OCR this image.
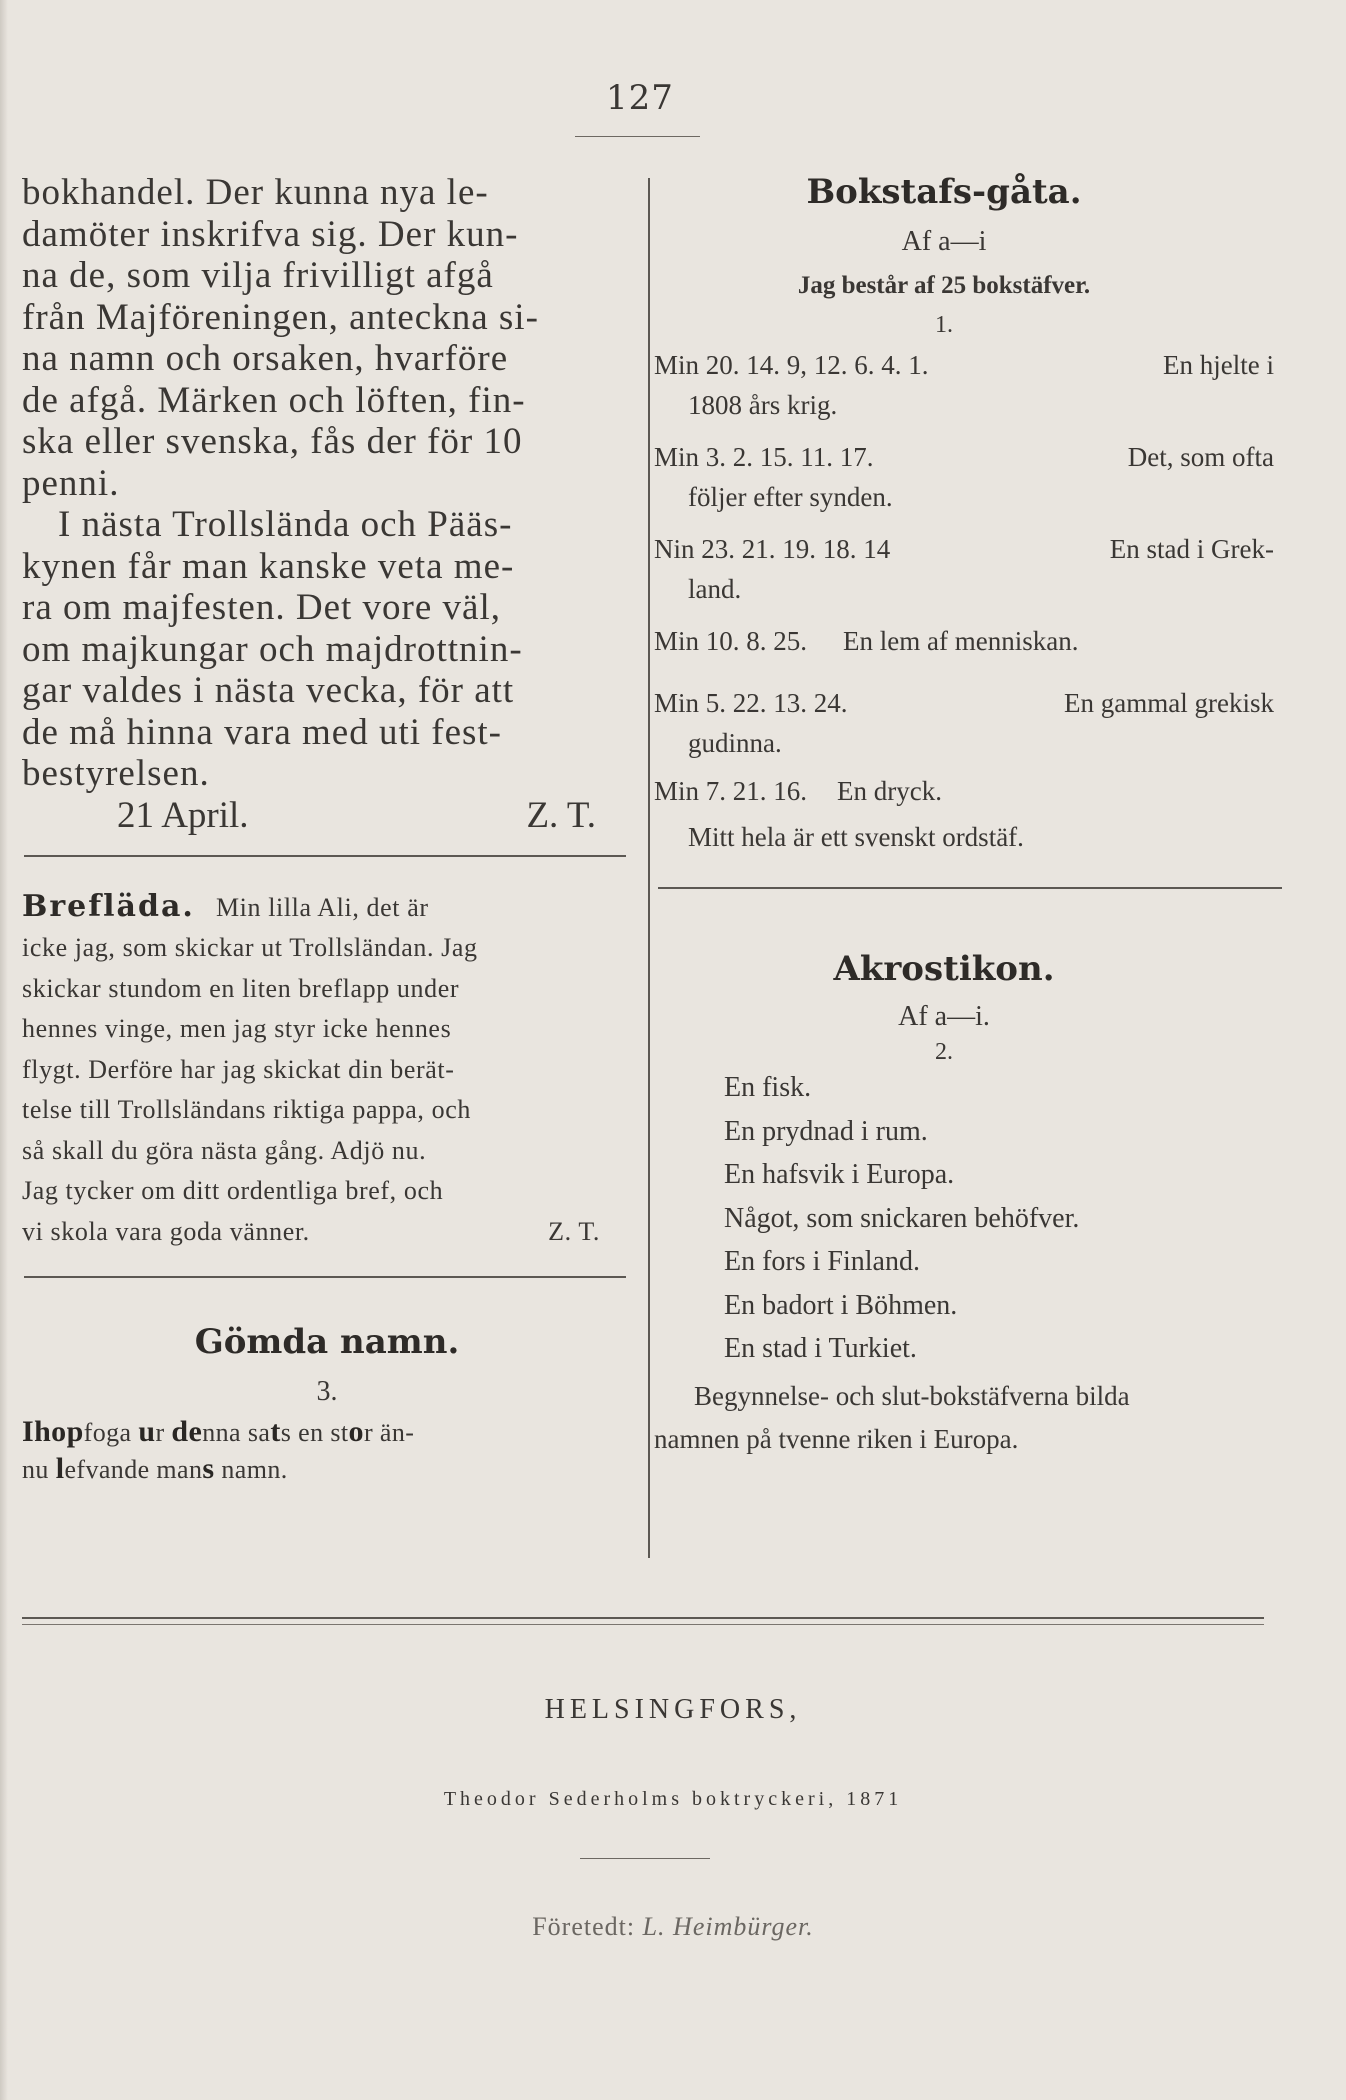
127

bokhandel. Der kunna nya le-

damöter inskrifva sig. Der kun-

na de, som vilja frivilligt afgå

från Majföreningen, anteckna si-

na namn och orsaken, hvarföre

de afgå. Märken och löften, fin-

ska eller svenska, fås der för 10

penni.

I nästa Trollslända och Pääs-

kynen får man kanske veta me-

ra om majfesten. Det vore väl,

om majkungar och majdrottnin-

gar valdes i nästa vecka, för att

de må hinna vara med uti fest-

bestyrelsen.

21 April.	Z. T.

Brefläda. Min lilla Ali, det är

icke jag, som skickar ut Trollsländan. Jag

skickar stundom en liten breflapp under

hennes vinge, men jag styr icke hennes

flygt. Derföre har jag skickat din berät-

telse till Trollsländans riktiga pappa, och

så skall du göra nästa gång. Adjö nu.

Jag tycker om ditt ordentliga bref, och

vi skola vara goda vänner.	Z. T.

Gömda namn.
3.

Ihopfoga ur denna sats en stor än-

nu lefvande mans namn.

Bokstafs-gåta.
Af a—i
Jag består af 25 bokstäfver.
1.
Min 20. 14. 9, 12. 6. 4. 1.	En hjelte i
1808 års krig.
Min 3. 2. 15. 11. 17.	Det, som ofta
följer efter synden.
Nin 23. 21. 19. 18. 14	En stad i Grek-
land.
Min 10. 8. 25.	En lem af menniskan.
Min 5. 22. 13. 24.	En gammal grekisk
gudinna.
Min 7. 21. 16.	En dryck.
Mitt hela är ett svenskt ordstäf.
Akrostikon.
Af a—i.
2.
En fisk.
En prydnad i rum.
En hafsvik i Europa.
Något, som snickaren behöfver.
En fors i Finland.
En badort i Böhmen.
En stad i Turkiet.
Begynnelse- och slut-bokstäfverna bilda
namnen på tvenne riken i Europa.
HELSINGFORS,
Theodor Sederholms boktryckeri, 1871
Företedt: L. Heimbürger.
